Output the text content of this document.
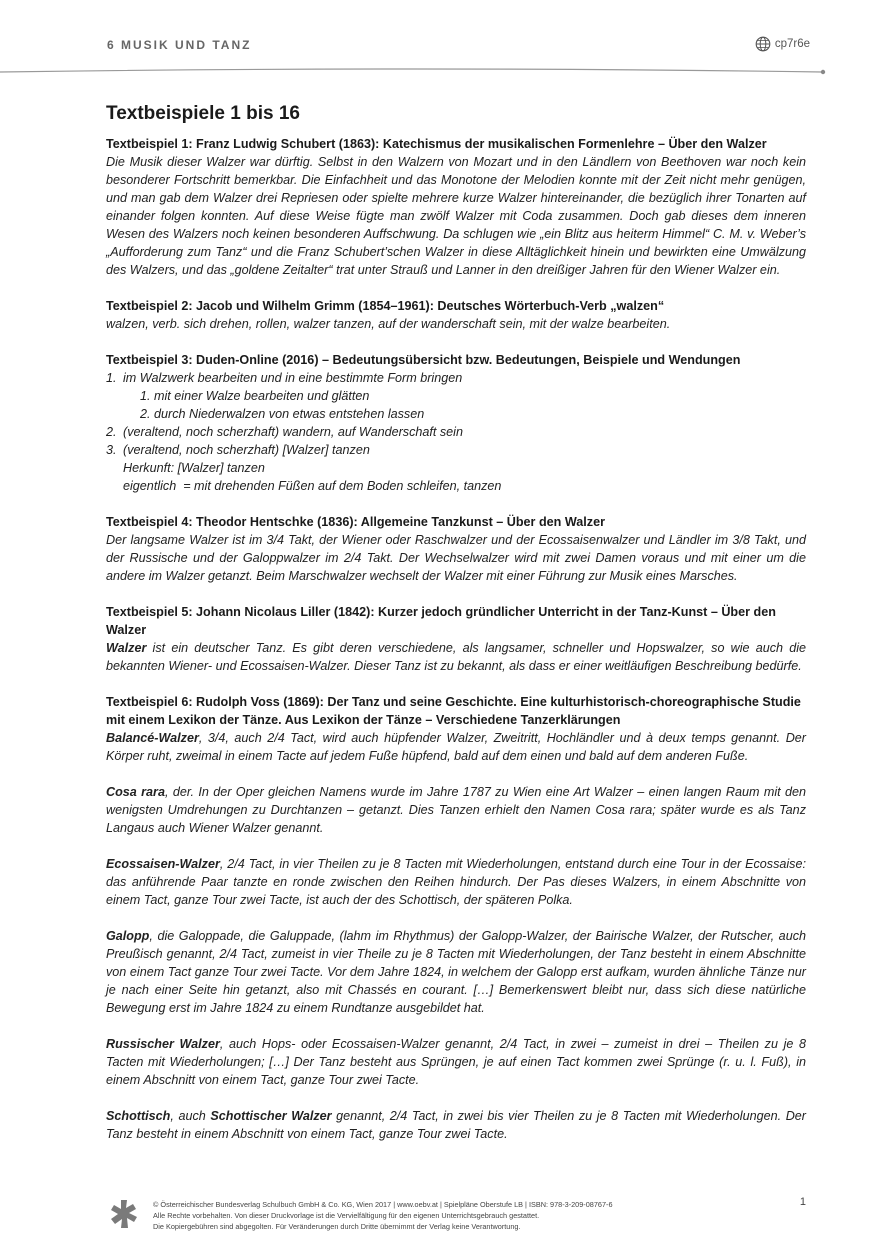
6 MUSIK UND TANZ	cp7r6e
Textbeispiele 1 bis 16
Textbeispiel 1: Franz Ludwig Schubert (1863): Katechismus der musikalischen Formenlehre – Über den Walzer
Die Musik dieser Walzer war dürftig. Selbst in den Walzern von Mozart und in den Ländlern von Beethoven war noch kein besonderer Fortschritt bemerkbar. Die Einfachheit und das Monotone der Melodien konnte mit der Zeit nicht mehr genügen, und man gab dem Walzer drei Repriesen oder spielte mehrere kurze Walzer hintereinander, die bezüglich ihrer Tonarten auf einander folgen konnten. Auf diese Weise fügte man zwölf Walzer mit Coda zusammen. Doch gab dieses dem inneren Wesen des Walzers noch keinen besonderen Auffschwung. Da schlugen wie „ein Blitz aus heiterm Himmel“ C. M. v. Weber’s „Aufforderung zum Tanz“ und die Franz Schubert’schen Walzer in diese Alltäglichkeit hinein und bewirkten eine Umwälzung des Walzers, und das „goldene Zeitalter“ trat unter Strauß und Lanner in den dreißiger Jahren für den Wiener Walzer ein.
Textbeispiel 2: Jacob und Wilhelm Grimm (1854–1961): Deutsches Wörterbuch-Verb „walzen“
walzen, verb. sich drehen, rollen, walzer tanzen, auf der wanderschaft sein, mit der walze bearbeiten.
Textbeispiel 3: Duden-Online (2016) – Bedeutungsübersicht bzw. Bedeutungen, Beispiele und Wendungen
1. im Walzwerk bearbeiten und in eine bestimmte Form bringen
1. mit einer Walze bearbeiten und glätten
2. durch Niederwalzen von etwas entstehen lassen
2. (veraltend, noch scherzhaft) wandern, auf Wanderschaft sein
3. (veraltend, noch scherzhaft) [Walzer] tanzen
Herkunft: [Walzer] tanzen
eigentlich  = mit drehenden Füßen auf dem Boden schleifen, tanzen
Textbeispiel 4: Theodor Hentschke (1836): Allgemeine Tanzkunst – Über den Walzer
Der langsame Walzer ist im 3/4 Takt, der Wiener oder Raschwalzer und der Ecossaisenwalzer und Ländler im 3/8 Takt, und der Russische und der Galoppwalzer im 2/4 Takt. Der Wechselwalzer wird mit zwei Damen voraus und mit einer um die andere im Walzer getanzt. Beim Marschwalzer wechselt der Walzer mit einer Führung zur Musik eines Marsches.
Textbeispiel 5: Johann Nicolaus Liller (1842): Kurzer jedoch gründlicher Unterricht in der Tanz-Kunst – Über den Walzer
Walzer ist ein deutscher Tanz. Es gibt deren verschiedene, als langsamer, schneller und Hopswalzer, so wie auch die bekannten Wiener- und Ecossaisen-Walzer. Dieser Tanz ist zu bekannt, als dass er einer weitläufigen Beschreibung bedürfe.
Textbeispiel 6: Rudolph Voss (1869): Der Tanz und seine Geschichte. Eine kulturhistorisch-choreographische Studie mit einem Lexikon der Tänze. Aus Lexikon der Tänze – Verschiedene Tanzerklärungen
Balancé-Walzer, 3/4, auch 2/4 Tact, wird auch hüpfender Walzer, Zweitritt, Hochländler und à deux temps genannt. Der Körper ruht, zweimal in einem Tacte auf jedem Fuße hüpfend, bald auf dem einen und bald auf dem anderen Fuße.
Cosa rara, der. In der Oper gleichen Namens wurde im Jahre 1787 zu Wien eine Art Walzer – einen langen Raum mit den wenigsten Umdrehungen zu Durchtanzen – getanzt. Dies Tanzen erhielt den Namen Cosa rara; später wurde es als Tanz Langaus auch Wiener Walzer genannt.
Ecossaisen-Walzer, 2/4 Tact, in vier Theilen zu je 8 Tacten mit Wiederholungen, entstand durch eine Tour in der Ecossaise: das anführende Paar tanzte en ronde zwischen den Reihen hindurch. Der Pas dieses Walzers, in einem Abschnitte von einem Tact, ganze Tour zwei Tacte, ist auch der des Schottisch, der späteren Polka.
Galopp, die Galoppade, die Galuppade, (lahm im Rhythmus) der Galopp-Walzer, der Bairische Walzer, der Rutscher, auch Preußisch genannt, 2/4 Tact, zumeist in vier Theile zu je 8 Tacten mit Wiederholungen, der Tanz besteht in einem Abschnitte von einem Tact ganze Tour zwei Tacte. Vor dem Jahre 1824, in welchem der Galopp erst aufkam, wurden ähnliche Tänze nur je nach einer Seite hin getanzt, also mit Chassés en courant. […] Bemerkenswert bleibt nur, dass sich diese natürliche Bewegung erst im Jahre 1824 zu einem Rundtanze ausgebildet hat.
Russischer Walzer, auch Hops- oder Ecossaisen-Walzer genannt, 2/4 Tact, in zwei – zumeist in drei – Theilen zu je 8 Tacten mit Wiederholungen; […] Der Tanz besteht aus Sprüngen, je auf einen Tact kommen zwei Sprünge (r. u. l. Fuß), in einem Abschnitt von einem Tact, ganze Tour zwei Tacte.
Schottisch, auch Schottischer Walzer genannt, 2/4 Tact, in zwei bis vier Theilen zu je 8 Tacten mit Wiederholungen. Der Tanz besteht in einem Abschnitt von einem Tact, ganze Tour zwei Tacte.
© Österreichischer Bundesverlag Schulbuch GmbH & Co. KG, Wien 2017 | www.oebv.at | Spielpläne Oberstufe LB | ISBN: 978-3-209-08767-6
Alle Rechte vorbehalten. Von dieser Druckvorlage ist die Vervielfältigung für den eigenen Unterrichtsgebrauch gestattet.
Die Kopiergebühren sind abgegolten. Für Veränderungen durch Dritte übernimmt der Verlag keine Verantwortung.
1
